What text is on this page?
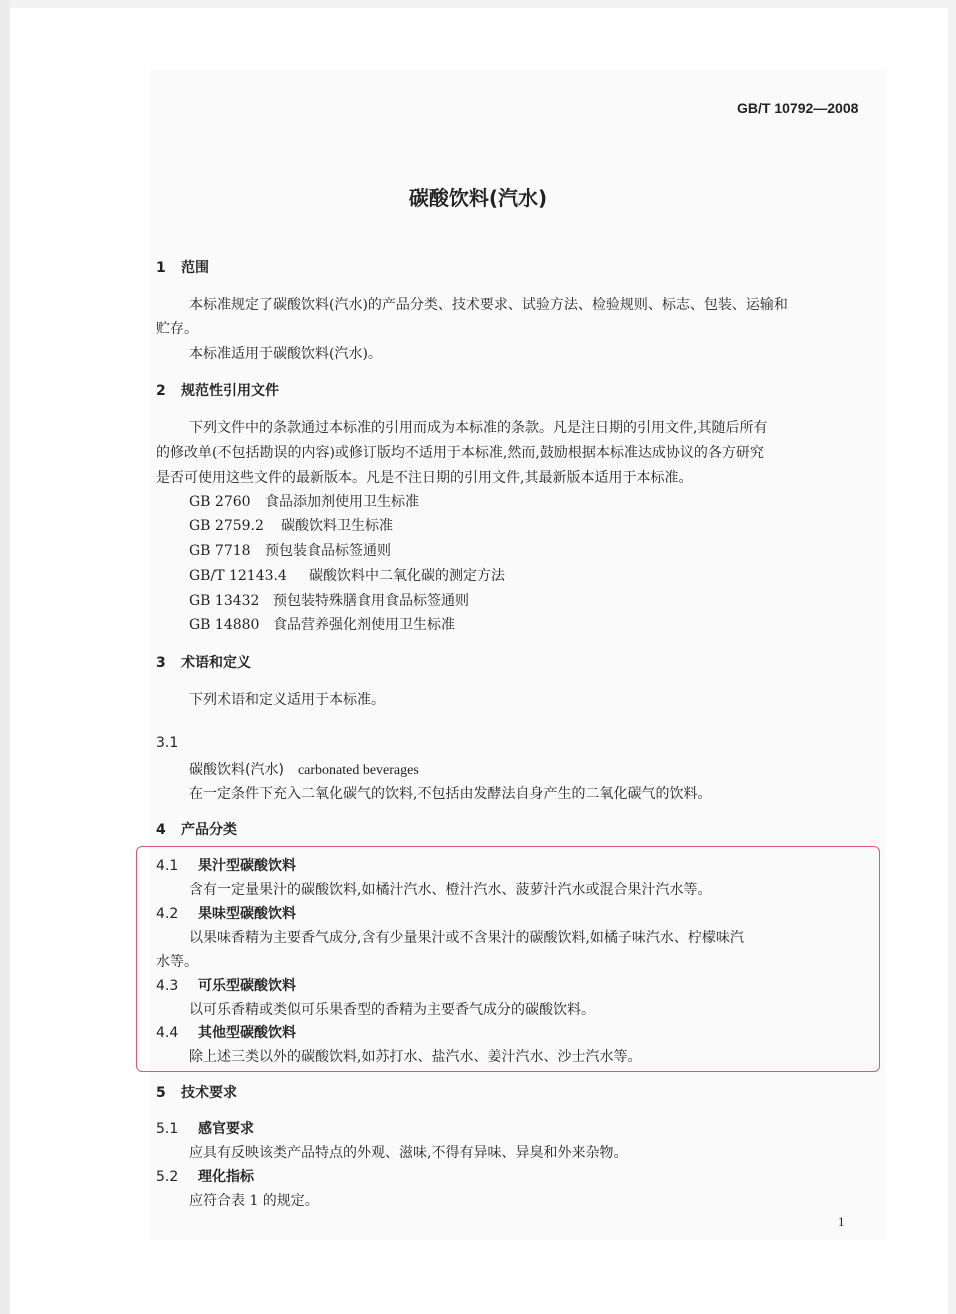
GB/T 10792—2008
碳酸饮料(汽水)
1 范围
本标准规定了碳酸饮料(汽水)的产品分类、技术要求、试验方法、检验规则、标志、包装、运输和
贮存。
本标准适用于碳酸饮料(汽水)。
2 规范性引用文件
下列文件中的条款通过本标准的引用而成为本标准的条款。凡是注日期的引用文件,其随后所有
的修改单(不包括勘误的内容)或修订版均不适用于本标准,然而,鼓励根据本标准达成协议的各方研究
是否可使用这些文件的最新版本。凡是不注日期的引用文件,其最新版本适用于本标准。
GB 2760 食品添加剂使用卫生标准
GB 2759.2 碳酸饮料卫生标准
GB 7718 预包装食品标签通则
GB/T 12143.4 碳酸饮料中二氧化碳的测定方法
GB 13432 预包装特殊膳食用食品标签通则
GB 14880 食品营养强化剂使用卫生标准
3 术语和定义
下列术语和定义适用于本标准。
3.1
碳酸饮料(汽水) carbonated beverages
在一定条件下充入二氧化碳气的饮料,不包括由发酵法自身产生的二氧化碳气的饮料。
4 产品分类
4.1 果汁型碳酸饮料
含有一定量果汁的碳酸饮料,如橘汁汽水、橙汁汽水、菠萝汁汽水或混合果汁汽水等。
4.2 果味型碳酸饮料
以果味香精为主要香气成分,含有少量果汁或不含果汁的碳酸饮料,如橘子味汽水、柠檬味汽
水等。
4.3 可乐型碳酸饮料
以可乐香精或类似可乐果香型的香精为主要香气成分的碳酸饮料。
4.4 其他型碳酸饮料
除上述三类以外的碳酸饮料,如苏打水、盐汽水、姜汁汽水、沙士汽水等。
5 技术要求
5.1 感官要求
应具有反映该类产品特点的外观、滋味,不得有异味、异臭和外来杂物。
5.2 理化指标
应符合表 1 的规定。
1
